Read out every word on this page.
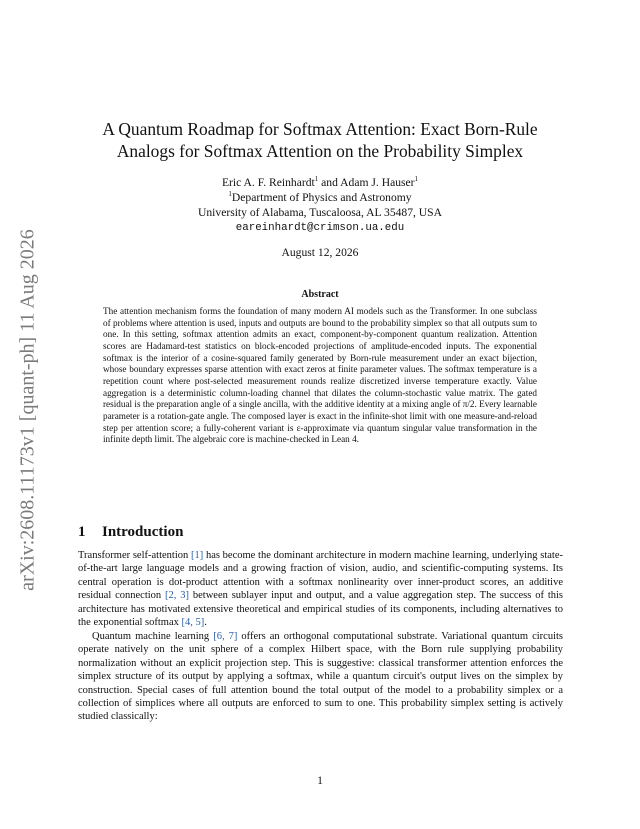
arXiv:2608.11173v1 [quant-ph] 11 Aug 2026
A Quantum Roadmap for Softmax Attention: Exact Born-Rule
Analogs for Softmax Attention on the Probability Simplex
Eric A. F. Reinhardt$^1$ and Adam J. Hauser$^1$
$^1$Department of Physics and Astronomy
University of Alabama, Tuscaloosa, AL 35487, USA
eareinhardt@crimson.ua.edu
August 12, 2026
Abstract
The attention mechanism forms the foundation of many modern AI models such as the Transformer. In one subclass of problems where attention is used, inputs and outputs are bound to the probability simplex so that all outputs sum to one. In this setting, softmax attention admits an exact, component-by-component quantum realization. Attention scores are Hadamard-test statistics on block-encoded projections of amplitude-encoded inputs. The exponential softmax is the interior of a cosine-squared family generated by Born-rule measurement under an exact bijection, whose boundary expresses sparse attention with exact zeros at finite parameter values. The softmax temperature is a repetition count where post-selected measurement rounds realize discretized inverse temperature exactly. Value aggregation is a deterministic column-loading channel that dilates the column-stochastic value matrix. The gated residual is the preparation angle of a single ancilla, with the additive identity at a mixing angle of π/2. Every learnable parameter is a rotation-gate angle. The composed layer is exact in the infinite-shot limit with one measure-and-reload step per attention score; a fully-coherent variant is ε-approximate via quantum singular value transformation in the infinite depth limit. The algebraic core is machine-checked in Lean 4.
1 Introduction

Transformer self-attention [1] has become the dominant architecture in modern machine learning, underlying state-of-the-art large language models and a growing fraction of vision, audio, and scientific-computing systems. Its central operation is dot-product attention with a softmax nonlinearity over inner-product scores, an additive residual connection [2, 3] between sublayer input and output, and a value aggregation step. The success of this architecture has motivated extensive theoretical and empirical studies of its components, including alternatives to the exponential softmax [4, 5].

Quantum machine learning [6, 7] offers an orthogonal computational substrate. Variational quantum circuits operate natively on the unit sphere of a complex Hilbert space, with the Born rule supplying probability normalization without an explicit projection step. This is suggestive: classical transformer attention enforces the simplex structure of its output by applying a softmax, while a quantum circuit's output lives on the simplex by construction. Special cases of full attention bound the total output of the model to a probability simplex or a collection of simplices where all outputs are enforced to sum to one. This probability simplex setting is actively studied classically:

1
